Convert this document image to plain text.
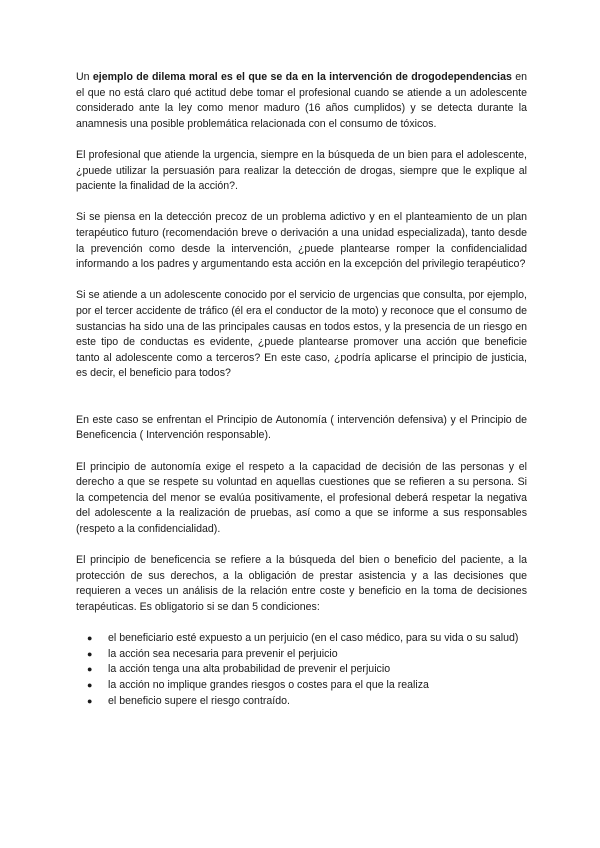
Un ejemplo de dilema moral es el que se da en la intervención de drogodependencias en el que no está claro qué actitud debe tomar el profesional cuando se atiende a un adolescente considerado ante la ley como menor maduro (16 años cumplidos) y se detecta durante la anamnesis una posible problemática relacionada con el consumo de tóxicos.

El profesional que atiende la urgencia, siempre en la búsqueda de un bien para el adolescente, ¿puede utilizar la persuasión para realizar la detección de drogas, siempre que le explique al paciente la finalidad de la acción?.

Si se piensa en la detección precoz de un problema adictivo y en el planteamiento de un plan terapéutico futuro (recomendación breve o derivación a una unidad especializada), tanto desde la prevención como desde la intervención, ¿puede plantearse romper la confidencialidad informando a los padres y argumentando esta acción en la excepción del privilegio terapéutico?

Si se atiende a un adolescente conocido por el servicio de urgencias que consulta, por ejemplo, por el tercer accidente de tráfico (él era el conductor de la moto) y reconoce que el consumo de sustancias ha sido una de las principales causas en todos estos, y la presencia de un riesgo en este tipo de conductas es evidente, ¿puede plantearse promover una acción que beneficie tanto al adolescente como a terceros? En este caso, ¿podría aplicarse el principio de justicia, es decir, el beneficio para todos?

En este caso se enfrentan el Principio de Autonomía ( intervención defensiva) y el Principio de Beneficencia ( Intervención responsable).

El principio de autonomía exige el respeto a la capacidad de decisión de las personas y el derecho a que se respete su voluntad en aquellas cuestiones que se refieren a su persona. Si la competencia del menor se evalúa positivamente, el profesional deberá respetar la negativa del adolescente a la realización de pruebas, así como a que se informe a sus responsables (respeto a la confidencialidad).

El principio de beneficencia se refiere a la búsqueda del bien o beneficio del paciente, a la protección de sus derechos, a la obligación de prestar asistencia y a las decisiones que requieren a veces un análisis de la relación entre coste y beneficio en la toma de decisiones terapéuticas. Es obligatorio si se dan 5 condiciones:

● el beneficiario esté expuesto a un perjuicio (en el caso médico, para su vida o su salud)
● la acción sea necesaria para prevenir el perjuicio
● la acción tenga una alta probabilidad de prevenir el perjuicio
● la acción no implique grandes riesgos o costes para el que la realiza
● el beneficio supere el riesgo contraído.
